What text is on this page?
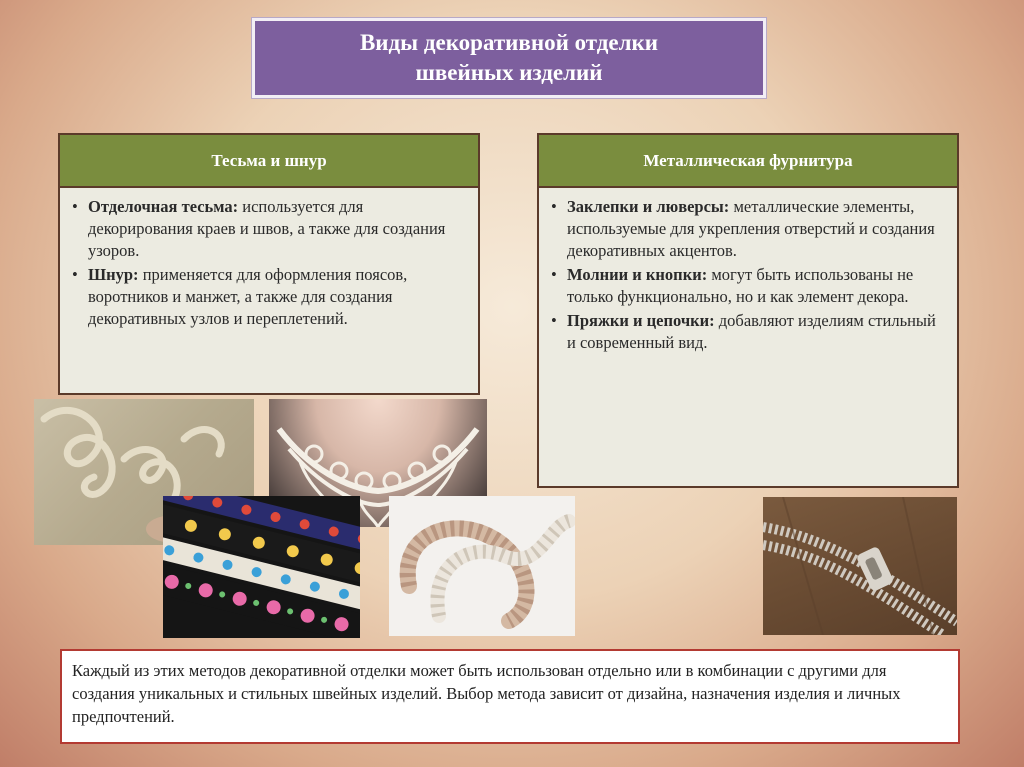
Виды декоративной отделки
швейных изделий
Тесьма и шнур
• Отделочная тесьма: используется для декорирования краев и швов, а также для создания узоров.
• Шнур: применяется для оформления поясов, воротников и манжет, а также для создания декоративных узлов и переплетений.
Металлическая фурнитура
• Заклепки и люверсы: металлические элементы, используемые для укрепления отверстий и создания декоративных акцентов.
• Молнии и кнопки: могут быть использованы не только функционально, но и как элемент декора.
• Пряжки и цепочки: добавляют изделиям стильный и современный вид.
Каждый из этих методов декоративной отделки может быть использован отдельно или в комбинации с другими для создания уникальных и стильных швейных изделий. Выбор метода зависит от дизайна, назначения изделия и личных предпочтений.
